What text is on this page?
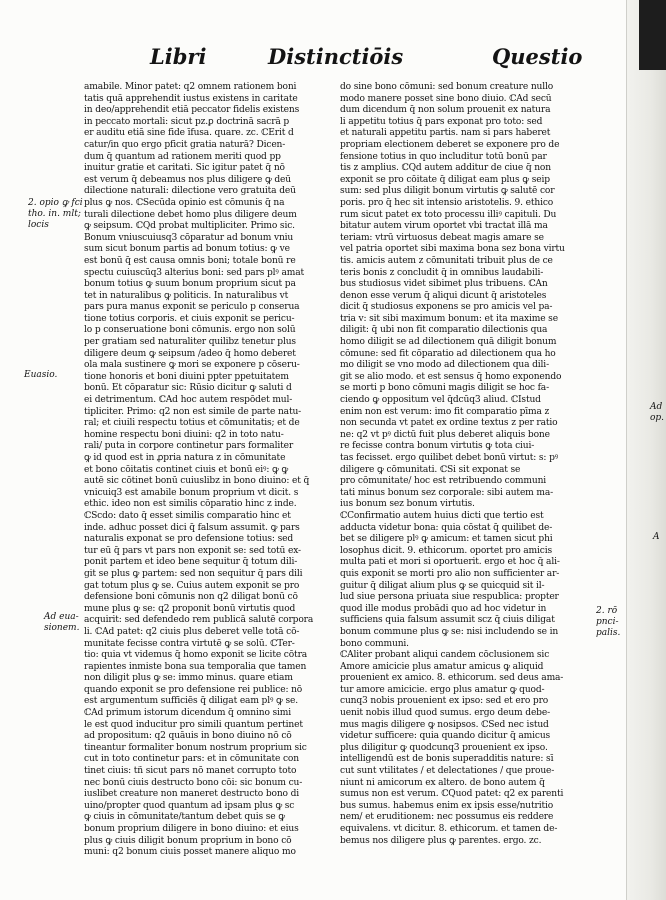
Libri	Distinctiōis	Questio
amabile. Minor patet: q2 omnem rationem boni
tatis quā apprehendit iustus existens in caritate
in deo/apprehendit etiā peccator fidelis existens
in peccato mortali: sicut pz.ꝑ doctrinā sacrā p
er auditu etiā sine fide īfusa. quare. zc. ℂErit d
catur/in quo ergo pficit gratia naturā? Dicen-
dum q̄ quantum ad rationem meriti quod pp
inuitur gratie et caritati. Sic igitur patet q̄ nō
est verum q̄ debeamus nos plus diligere ꝙ deū
dilectione naturali: dilectione vero gratuita deū
plus ꝙ nos. ℂSecūda opinio est cōmunis q̄ na
turali dilectione debet homo plus diligere deum
ꝙ seipsum. ℂQd probat multipliciter. Primo sic.
Bonum vniuscuiusq3 cōparatur ad bonum vniu
sum sicut bonum partis ad bonum totius: ꝙ ve
est bonū q̄ est causa omnis boni; totale bonū re
spectu cuiuscūq3 alterius boni: sed pars plꝰ amat
bonum totius ꝙ suum bonum proprium sicut pa
tet in naturalibus ꝙ politicis. In naturalibus vt
pars pura manus exponit se periculo p conserua
tione totius corporis. et ciuis exponit se pericu-
lo p conseruatione boni cōmunis. ergo non solū
per gratiam sed naturaliter quilibz tenetur plus
diligere deum ꝙ seipsum /adeo q̄ homo deberet
ola mala sustinere ꝙ mori se exponere p cōseru-
tione honoris et boni diuini ppter ppetuitatem
bonū. Et cōparatur sic: Rūsio dicitur ꝙ saluti d
ei detrimentum. ℂAd hoc autem respōdet mul-
tipliciter. Primo: q2 non est simile de parte natu-
ral; et ciuili respectu totius et cōmunitatis; et de
homine respectu boni diuini: q2 in toto natu-
rali/ puta in corpore continetur pars formaliter
ꝙ id quod est in ꝓpria natura z in cōmunitate
et bono cōitatis continet ciuis et bonū eiꝰ: ꝙ ꝙ
autē sic cōtinet bonū cuiuslibz in bono diuino: et q̄
vnicuiq3 est amabile bonum proprium vt dicit. s
ethic. ideo non est similis cōparatio hinc z inde.
ℂScdo: dato q̄ esset similis comparatio hinc et
inde. adhuc posset dici q̄ falsum assumit. ꝙ pars
naturalis exponat se pro defensione totius: sed
tur eū q̄ pars vt pars non exponit se: sed totū ex-
ponit partem et ideo bene sequitur q̄ totum dili-
git se plus ꝙ partem: sed non sequitur q̄ pars dili
gat totum plus ꝙ se. Cuius autem exponit se pro
defensione boni cōmunis non q2 diligat bonū cō
mune plus ꝙ se: q2 proponit bonū virtutis quod
acquirit: sed defendedo rem publicā salutē corpora
li. ℂAd patet: q2 ciuis plus deberet velle totā cō-
munitate fecisse contra virtutē ꝙ se solū. ℂTer-
tio: quia vt videmus q̄ homo exponit se licite cōtra
rapientes inmiste bona sua temporalia que tamen
non diligit plus ꝙ se: immo minus. quare etiam
quando exponit se pro defensione rei publice: nō
est argumentum sufficiēs q̄ diligat eam plꝰ ꝙ se.
ℂAd primum istorum dicendum q̄ omnino simi
le est quod inducitur pro simili quantum pertinet
ad propositum: q2 quāuis in bono diuino nō cō
tineantur formaliter bonum nostrum proprium sic
cut in toto continetur pars: et in cōmunitate con
tinet ciuis: tñ sicut pars nō manet corrupto toto
nec bonū ciuis destructo bono cōi: sic bonum cu-
iuslibet creature non maneret destructo bono di
uino/propter quod quantum ad ipsam plus ꝙ sc
ꝙ ciuis in cōmunitate/tantum debet quis se ꝙ
bonum proprium diligere in bono diuino: et eius
plus ꝙ ciuis diligit bonum proprium in bono cō
muni: q2 bonum ciuis posset manere aliquo mo
do sine bono cōmuni: sed bonum creature nullo
modo manere posset sine bono diuio. ℂAd secū
dum dicendum q̄ non solum prouenit ex natura
li appetitu totius q̄ pars exponat pro toto: sed
et naturali appetitu partis. nam si pars haberet
propriam electionem deberet se exponere pro de
fensione totius in quo includitur totū bonū par
tis z amplius. ℂQd autem additur de ciue q̄ non
exponit se pro cōitate q̄ diligat eam plus ꝙ seip
sum: sed plus diligit bonum virtutis ꝙ salutē cor
poris. pro q̄ hec sit intensio aristotelis. 9. ethico
rum sicut patet ex toto processu illiꝰ capituli. Du
bitatur autem virum oportet vbi tractat illā ma
teriam: vtrū virtuosus debeat magis amare se
vel patria oportet sibi maxima bona sez bona virtu
tis. amicis autem z cōmunitati tribuit plus de ce
teris bonis z concludit q̄ in omnibus laudabili-
bus studiosus videt sibimet plus tribuens. ℂAn
denon esse verum q̄ aliqui dicunt q̄ aristoteles
dicit q̄ studiosus exponens se pro amicis vel pa-
tria v: sit sibi maximum bonum: et ita maxime se
diligit: q̄ ubi non fit comparatio dilectionis qua
homo diligit se ad dilectionem quā diligit bonum
cōmune: sed fit cōparatio ad dilectionem qua ho
mo diligit se vno modo ad dilectionem qua dili-
git se alio modo. et est sensus q̄ homo exponendo
se morti p bono cōmuni magis diligit se hoc fa-
ciendo ꝙ oppositum vel q̄dcūq3 aliud. ℂIstud
enim non est verum: imo fit comparatio pīma z
non secunda vt patet ex ordine textus z per ratio
ne: q2 vt pꝰ dictū fuit plus deberet aliquis bone
re fecisse contra bonum virtutis ꝙ tota ciui-
tas fecisset. ergo quilibet debet bonū virtut: s: pꝰ
diligere ꝙ cōmunitati. ℂSi sit exponat se
pro cōmunitate/ hoc est retribuendo communi
tati minus bonum sez corporale: sibi autem ma-
ius bonum sez bonum virtutis.
ℂConfirmatio autem huius dicti que tertio est
adducta videtur bona: quia cōstat q̄ quilibet de-
bet se diligere plꝰ ꝙ amicum: et tamen sicut phi
losophus dicit. 9. ethicorum. oportet pro amicis
multa pati et mori si oportuerit. ergo et hoc q̄ ali-
quis exponit se morti pro alio non sufficienter ar-
guitur q̄ diligat alium plus ꝙ se quicquid sit il-
lud siue persona priuata siue respublica: propter
quod ille modus probādi quo ad hoc videtur in
sufficiens quia falsum assumit scz q̄ ciuis diligat
bonum commune plus ꝙ se: nisi includendo se in
bono communi.
ℂAliter probant aliqui candem cōclusionem sic
Amore amicicie plus amatur amicus ꝙ aliquid
prouenient ex amico. 8. ethicorum. sed deus ama-
tur amore amicicie. ergo plus amatur ꝙ quod-
cunq3 nobis prouenient ex ipso: sed et ero pro
uenit nobis illud quod sumus. ergo deum debe-
mus magis diligere ꝙ nosipsos. ℂSed nec istud
videtur sufficere: quia quando dicitur q̄ amicus
plus diligitur ꝙ quodcunq3 prouenient ex ipso.
intelligendū est de bonis superadditis nature: sī
cut sunt vtilitates / et delectationes / que proue-
niunt ni amicorum ex altero. de bono autem q̄
sumus non est verum. ℂQuod patet: q2 ex parenti
bus sumus. habemus enim ex ipsis esse/nutritio
nem/ et eruditionem: nec possumus eis reddere
equivalens. vt dicitur. 8. ethicorum. et tamen de-
bemus nos diligere plus ꝙ parentes. ergo. zc.
2. opio ꝙ fci tho. in. mlt; locis
Euasio.
Ad eua-sionem.
2. rō pnci-palis.
Ad op.
A
